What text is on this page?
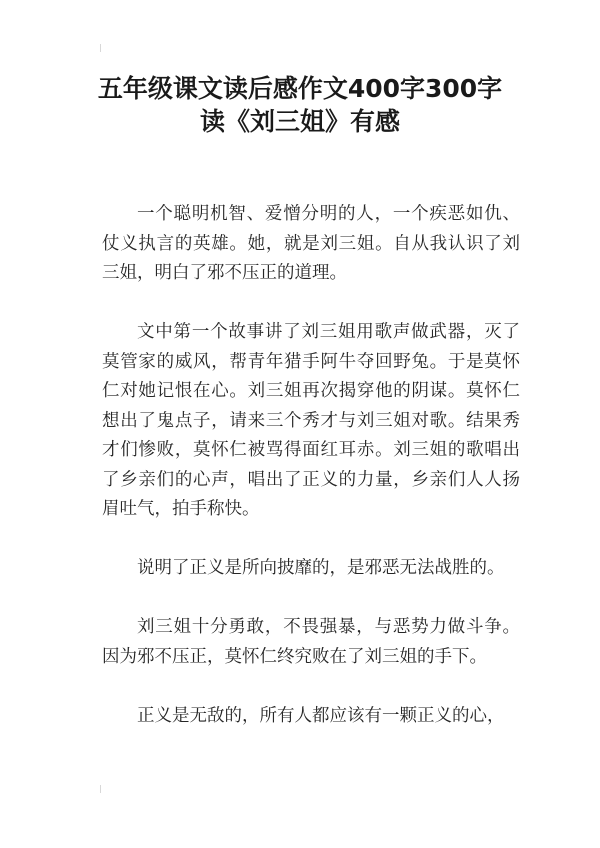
五年级课文读后感作文400字300字
读《刘三姐》有感

一个聪明机智、爱憎分明的人，一个疾恶如仇、仗义执言的英雄。她，就是刘三姐。自从我认识了刘三姐，明白了邪不压正的道理。

文中第一个故事讲了刘三姐用歌声做武器，灭了莫管家的威风，帮青年猎手阿牛夺回野兔。于是莫怀仁对她记恨在心。刘三姐再次揭穿他的阴谋。莫怀仁想出了鬼点子，请来三个秀才与刘三姐对歌。结果秀才们惨败，莫怀仁被骂得面红耳赤。刘三姐的歌唱出了乡亲们的心声，唱出了正义的力量，乡亲们人人扬眉吐气，拍手称快。

说明了正义是所向披靡的，是邪恶无法战胜的。

刘三姐十分勇敢，不畏强暴，与恶势力做斗争。因为邪不压正，莫怀仁终究败在了刘三姐的手下。

正义是无敌的，所有人都应该有一颗正义的心，
